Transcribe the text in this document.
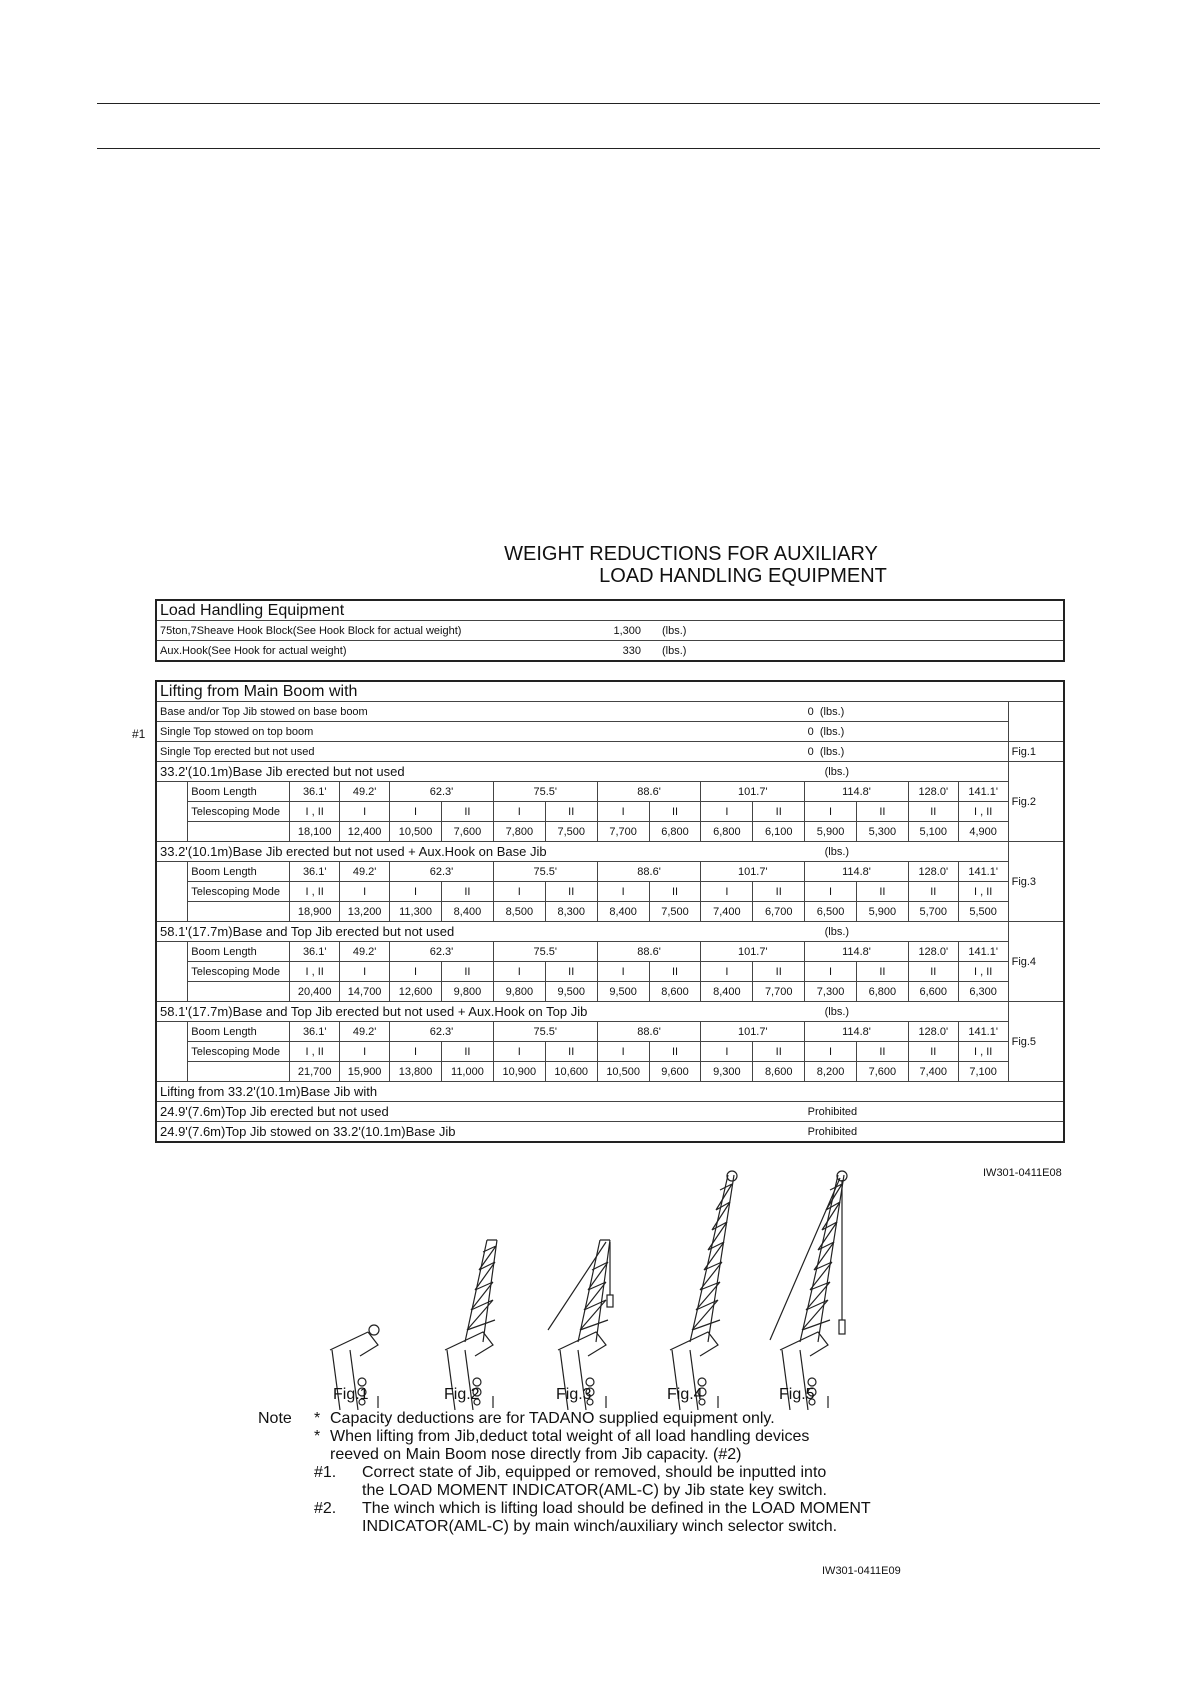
WEIGHT REDUCTIONS FOR AUXILIARY
LOAD HANDLING EQUIPMENT
Load Handling Equipment		
75ton,7Sheave Hook Block(See Hook Block for actual weight)	1,300	(lbs.)
Aux.Hook(See Hook for actual weight)	330	(lbs.)
#1
Lifting from Main Boom with																
Base and/or Top Jib stowed on base boom												0 (lbs.)				
Single Top stowed on top boom												0 (lbs.)				
Single Top erected but not used												0 (lbs.)				Fig.1
33.2'(10.1m)Base Jib erected but not used												(lbs.)				Fig.2
	Boom Length	36.1'	49.2'	62.3'		75.5'		88.6'		101.7'		114.8'		128.0'	141.1'	
	Telescoping Mode	I , II	I	I	II	I	II	I	II	I	II	I	II	II	I , II	
		18,100	12,400	10,500	7,600	7,800	7,500	7,700	6,800	6,800	6,100	5,900	5,300	5,100	4,900	
33.2'(10.1m)Base Jib erected but not used + Aux.Hook on Base Jib												(lbs.)				Fig.3
	Boom Length	36.1'	49.2'	62.3'		75.5'		88.6'		101.7'		114.8'		128.0'	141.1'	
	Telescoping Mode	I , II	I	I	II	I	II	I	II	I	II	I	II	II	I , II	
		18,900	13,200	11,300	8,400	8,500	8,300	8,400	7,500	7,400	6,700	6,500	5,900	5,700	5,500	
58.1'(17.7m)Base and Top Jib erected but not used												(lbs.)				Fig.4
	Boom Length	36.1'	49.2'	62.3'		75.5'		88.6'		101.7'		114.8'		128.0'	141.1'	
	Telescoping Mode	I , II	I	I	II	I	II	I	II	I	II	I	II	II	I , II	
		20,400	14,700	12,600	9,800	9,800	9,500	9,500	8,600	8,400	7,700	7,300	6,800	6,600	6,300	
58.1'(17.7m)Base and Top Jib erected but not used + Aux.Hook on Top Jib												(lbs.)				Fig.5
	Boom Length	36.1'	49.2'	62.3'		75.5'		88.6'		101.7'		114.8'		128.0'	141.1'	
	Telescoping Mode	I , II	I	I	II	I	II	I	II	I	II	I	II	II	I , II	
		21,700	15,900	13,800	11,000	10,900	10,600	10,500	9,600	9,300	8,600	8,200	7,600	7,400	7,100	
Lifting from 33.2'(10.1m)Base Jib with																
24.9'(7.6m)Top Jib erected but not used												Prohibited				
24.9'(7.6m)Top Jib stowed on 33.2'(10.1m)Base Jib												Prohibited				
IW301-0411E08
Fig.1	Fig.2	Fig.3	Fig.4	Fig.5
Note * Capacity deductions are for TADANO supplied equipment only.
* When lifting from Jib,deduct total weight of all load handling devices
reeved on Main Boom nose directly from Jib capacity. (#2)
#1. Correct state of Jib, equipped or removed, should be inputted into
the LOAD MOMENT INDICATOR(AML-C) by Jib state key switch.
#2. The winch which is lifting load should be defined in the LOAD MOMENT
INDICATOR(AML-C) by main winch/auxiliary winch selector switch.
IW301-0411E09
